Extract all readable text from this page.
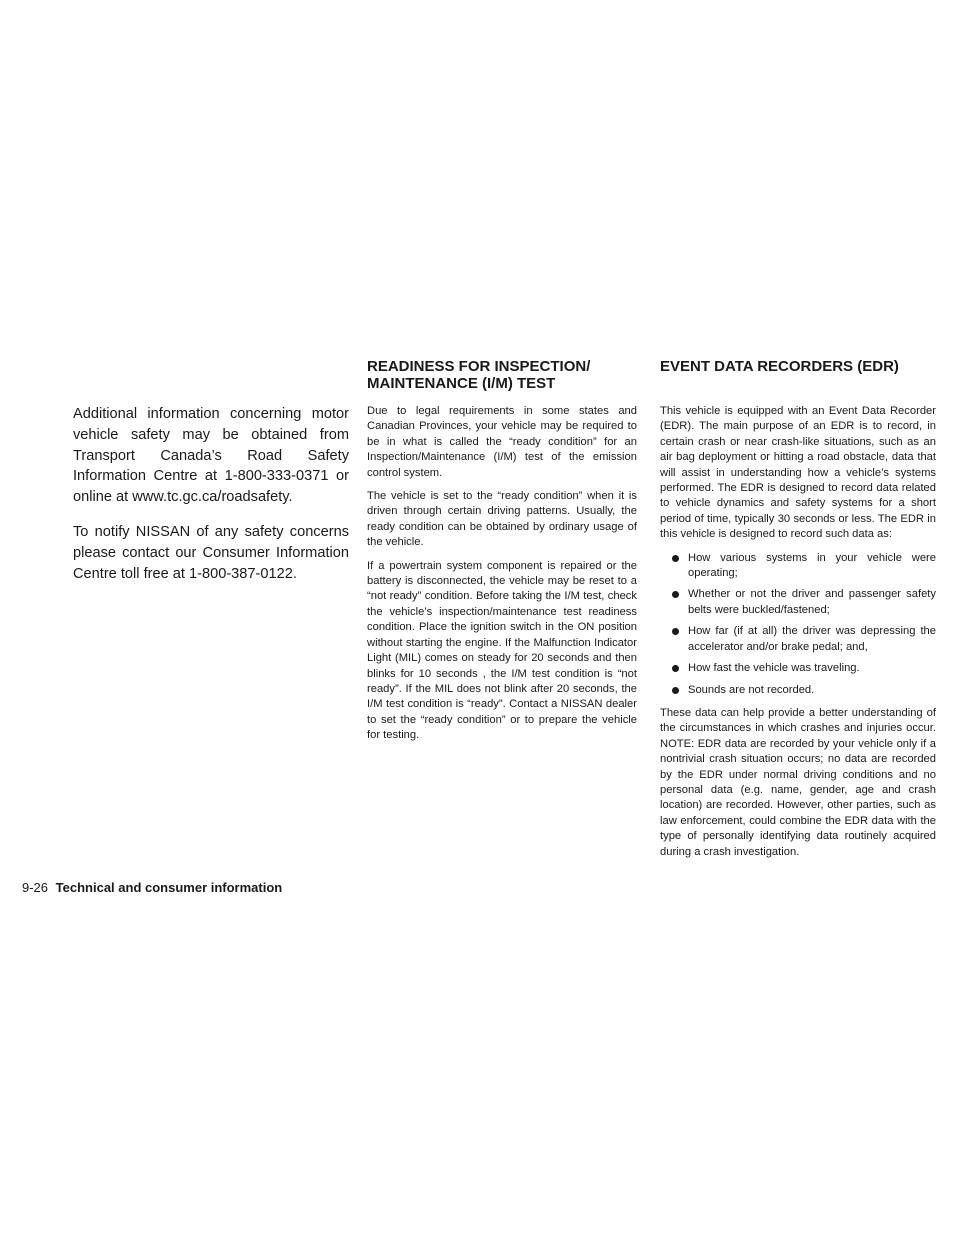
Additional information concerning motor vehicle safety may be obtained from Transport Canada’s Road Safety Information Centre at 1-800-333-0371 or online at www.tc.gc.ca/roadsafety.

To notify NISSAN of any safety concerns please contact our Consumer Information Centre toll free at 1-800-387-0122.

READINESS FOR INSPECTION/
MAINTENANCE (I/M) TEST

Due to legal requirements in some states and Canadian Provinces, your vehicle may be required to be in what is called the “ready condition” for an Inspection/Maintenance (I/M) test of the emission control system.

The vehicle is set to the “ready condition” when it is driven through certain driving patterns. Usually, the ready condition can be obtained by ordinary usage of the vehicle.

If a powertrain system component is repaired or the battery is disconnected, the vehicle may be reset to a “not ready” condition. Before taking the I/M test, check the vehicle’s inspection/maintenance test readiness condition. Place the ignition switch in the ON position without starting the engine. If the Malfunction Indicator Light (MIL) comes on steady for 20 seconds and then blinks for 10 seconds , the I/M test condition is “not ready”. If the MIL does not blink after 20 seconds, the I/M test condition is “ready”. Contact a NISSAN dealer to set the “ready condition” or to prepare the vehicle for testing.

EVENT DATA RECORDERS (EDR)

This vehicle is equipped with an Event Data Recorder (EDR). The main purpose of an EDR is to record, in certain crash or near crash-like situations, such as an air bag deployment or hitting a road obstacle, data that will assist in understanding how a vehicle’s systems performed. The EDR is designed to record data related to vehicle dynamics and safety systems for a short period of time, typically 30 seconds or less. The EDR in this vehicle is designed to record such data as:

How various systems in your vehicle were operating;
Whether or not the driver and passenger safety belts were buckled/fastened;
How far (if at all) the driver was depressing the accelerator and/or brake pedal; and,
How fast the vehicle was traveling.
Sounds are not recorded.

These data can help provide a better understanding of the circumstances in which crashes and injuries occur. NOTE: EDR data are recorded by your vehicle only if a nontrivial crash situation occurs; no data are recorded by the EDR under normal driving conditions and no personal data (e.g. name, gender, age and crash location) are recorded. However, other parties, such as law enforcement, could combine the EDR data with the type of personally identifying data routinely acquired during a crash investigation.

9-26 Technical and consumer information
